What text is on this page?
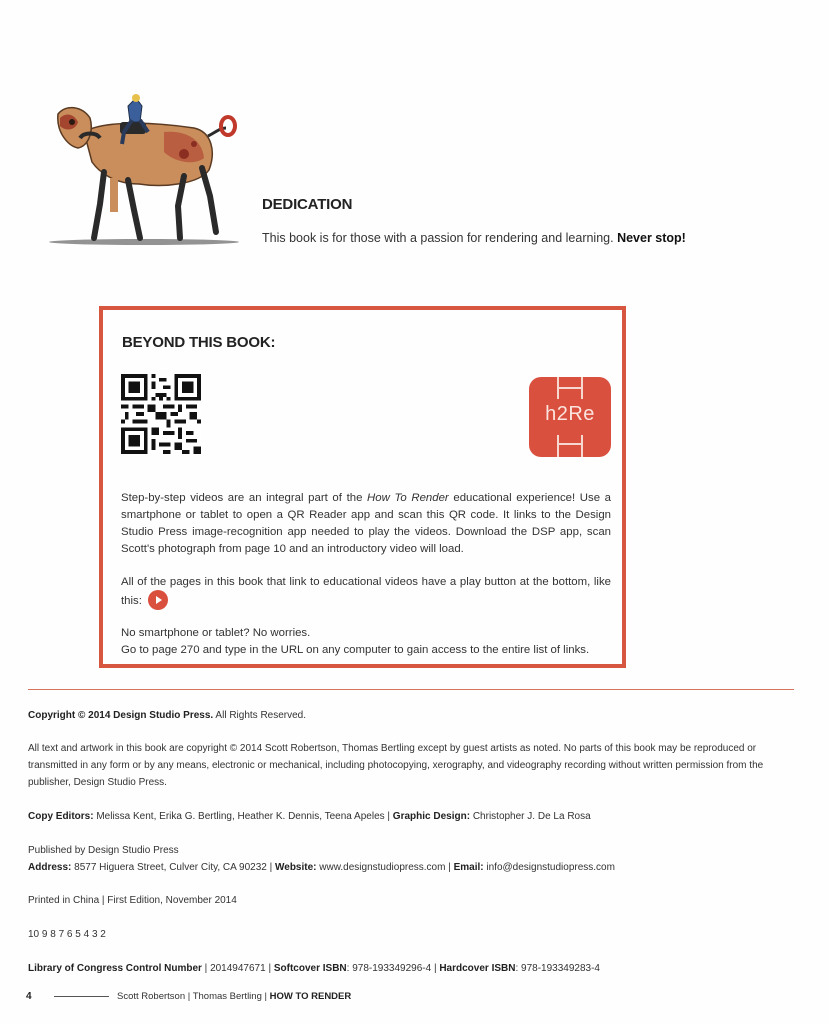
DEDICATION
This book is for those with a passion for rendering and learning. Never stop!
BEYOND THIS BOOK:
h2Re
Step-by-step videos are an integral part of the How To Render educational experience! Use a smartphone or tablet to open a QR Reader app and scan this QR code. It links to the Design Studio Press image-recognition app needed to play the videos. Download the DSP app, scan Scott's photograph from page 10 and an introductory video will load.
All of the pages in this book that link to educational videos have a play button at the bottom, like this:
No smartphone or tablet? No worries.
Go to page 270 and type in the URL on any computer to gain access to the entire list of links.
Copyright © 2014 Design Studio Press. All Rights Reserved.
All text and artwork in this book are copyright © 2014 Scott Robertson, Thomas Bertling except by guest artists as noted. No parts of this book may be reproduced or transmitted in any form or by any means, electronic or mechanical, including photocopying, xerography, and videography recording without written permission from the publisher, Design Studio Press.
Copy Editors: Melissa Kent, Erika G. Bertling, Heather K. Dennis, Teena Apeles | Graphic Design: Christopher J. De La Rosa
Published by Design Studio Press
Address: 8577 Higuera Street, Culver City, CA 90232 | Website: www.designstudiopress.com | Email: info@designstudiopress.com
Printed in China | First Edition, November 2014
10 9 8 7 6 5 4 3 2
Library of Congress Control Number | 2014947671 | Softcover ISBN: 978-193349296-4 | Hardcover ISBN: 978-193349283-4
4	Scott Robertson | Thomas Bertling | HOW TO RENDER
